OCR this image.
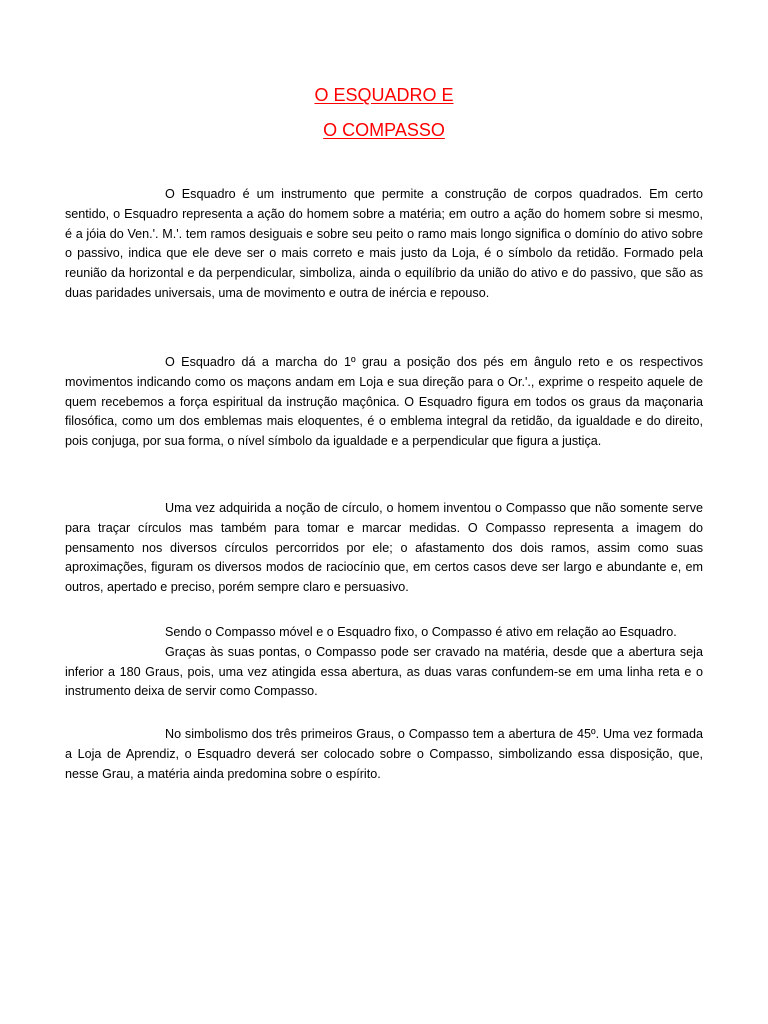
O ESQUADRO E
O COMPASSO

O Esquadro é um instrumento que permite a construção de corpos quadrados. Em certo sentido, o Esquadro representa a ação do homem sobre a matéria; em outro a ação do homem sobre si mesmo, é a jóia do Ven.'. M.'. tem ramos desiguais e sobre seu peito o ramo mais longo significa o domínio do ativo sobre o passivo, indica que ele deve ser o mais correto e mais justo da Loja, é o símbolo da retidão. Formado pela reunião da horizontal e da perpendicular, simboliza, ainda o equilíbrio da união do ativo e do passivo, que são as duas paridades universais, uma de movimento e outra de inércia e repouso.

O Esquadro dá a marcha do 1º grau a posição dos pés em ângulo reto e os respectivos movimentos indicando como os maçons andam em Loja e sua direção para o Or.'., exprime o respeito aquele de quem recebemos a força espiritual da instrução maçônica. O Esquadro figura em todos os graus da maçonaria filosófica, como um dos emblemas mais eloquentes, é o emblema integral da retidão, da igualdade e do direito, pois conjuga, por sua forma, o nível símbolo da igualdade e a perpendicular que figura a justiça.

Uma vez adquirida a noção de círculo, o homem inventou o Compasso que não somente serve para traçar círculos mas também para tomar e marcar medidas. O Compasso representa a imagem do pensamento nos diversos círculos percorridos por ele; o afastamento dos dois ramos, assim como suas aproximações, figuram os diversos modos de raciocínio que, em certos casos deve ser largo e abundante e, em outros, apertado e preciso, porém sempre claro e persuasivo.

Sendo o Compasso móvel e o Esquadro fixo, o Compasso é ativo em relação ao Esquadro.

Graças às suas pontas, o Compasso pode ser cravado na matéria, desde que a abertura seja inferior a 180 Graus, pois, uma vez atingida essa abertura, as duas varas confundem-se em uma linha reta e o instrumento deixa de servir como Compasso.

No simbolismo dos três primeiros Graus, o Compasso tem a abertura de 45º. Uma vez formada a Loja de Aprendiz, o Esquadro deverá ser colocado sobre o Compasso, simbolizando essa disposição, que, nesse Grau, a matéria ainda predomina sobre o espírito.
